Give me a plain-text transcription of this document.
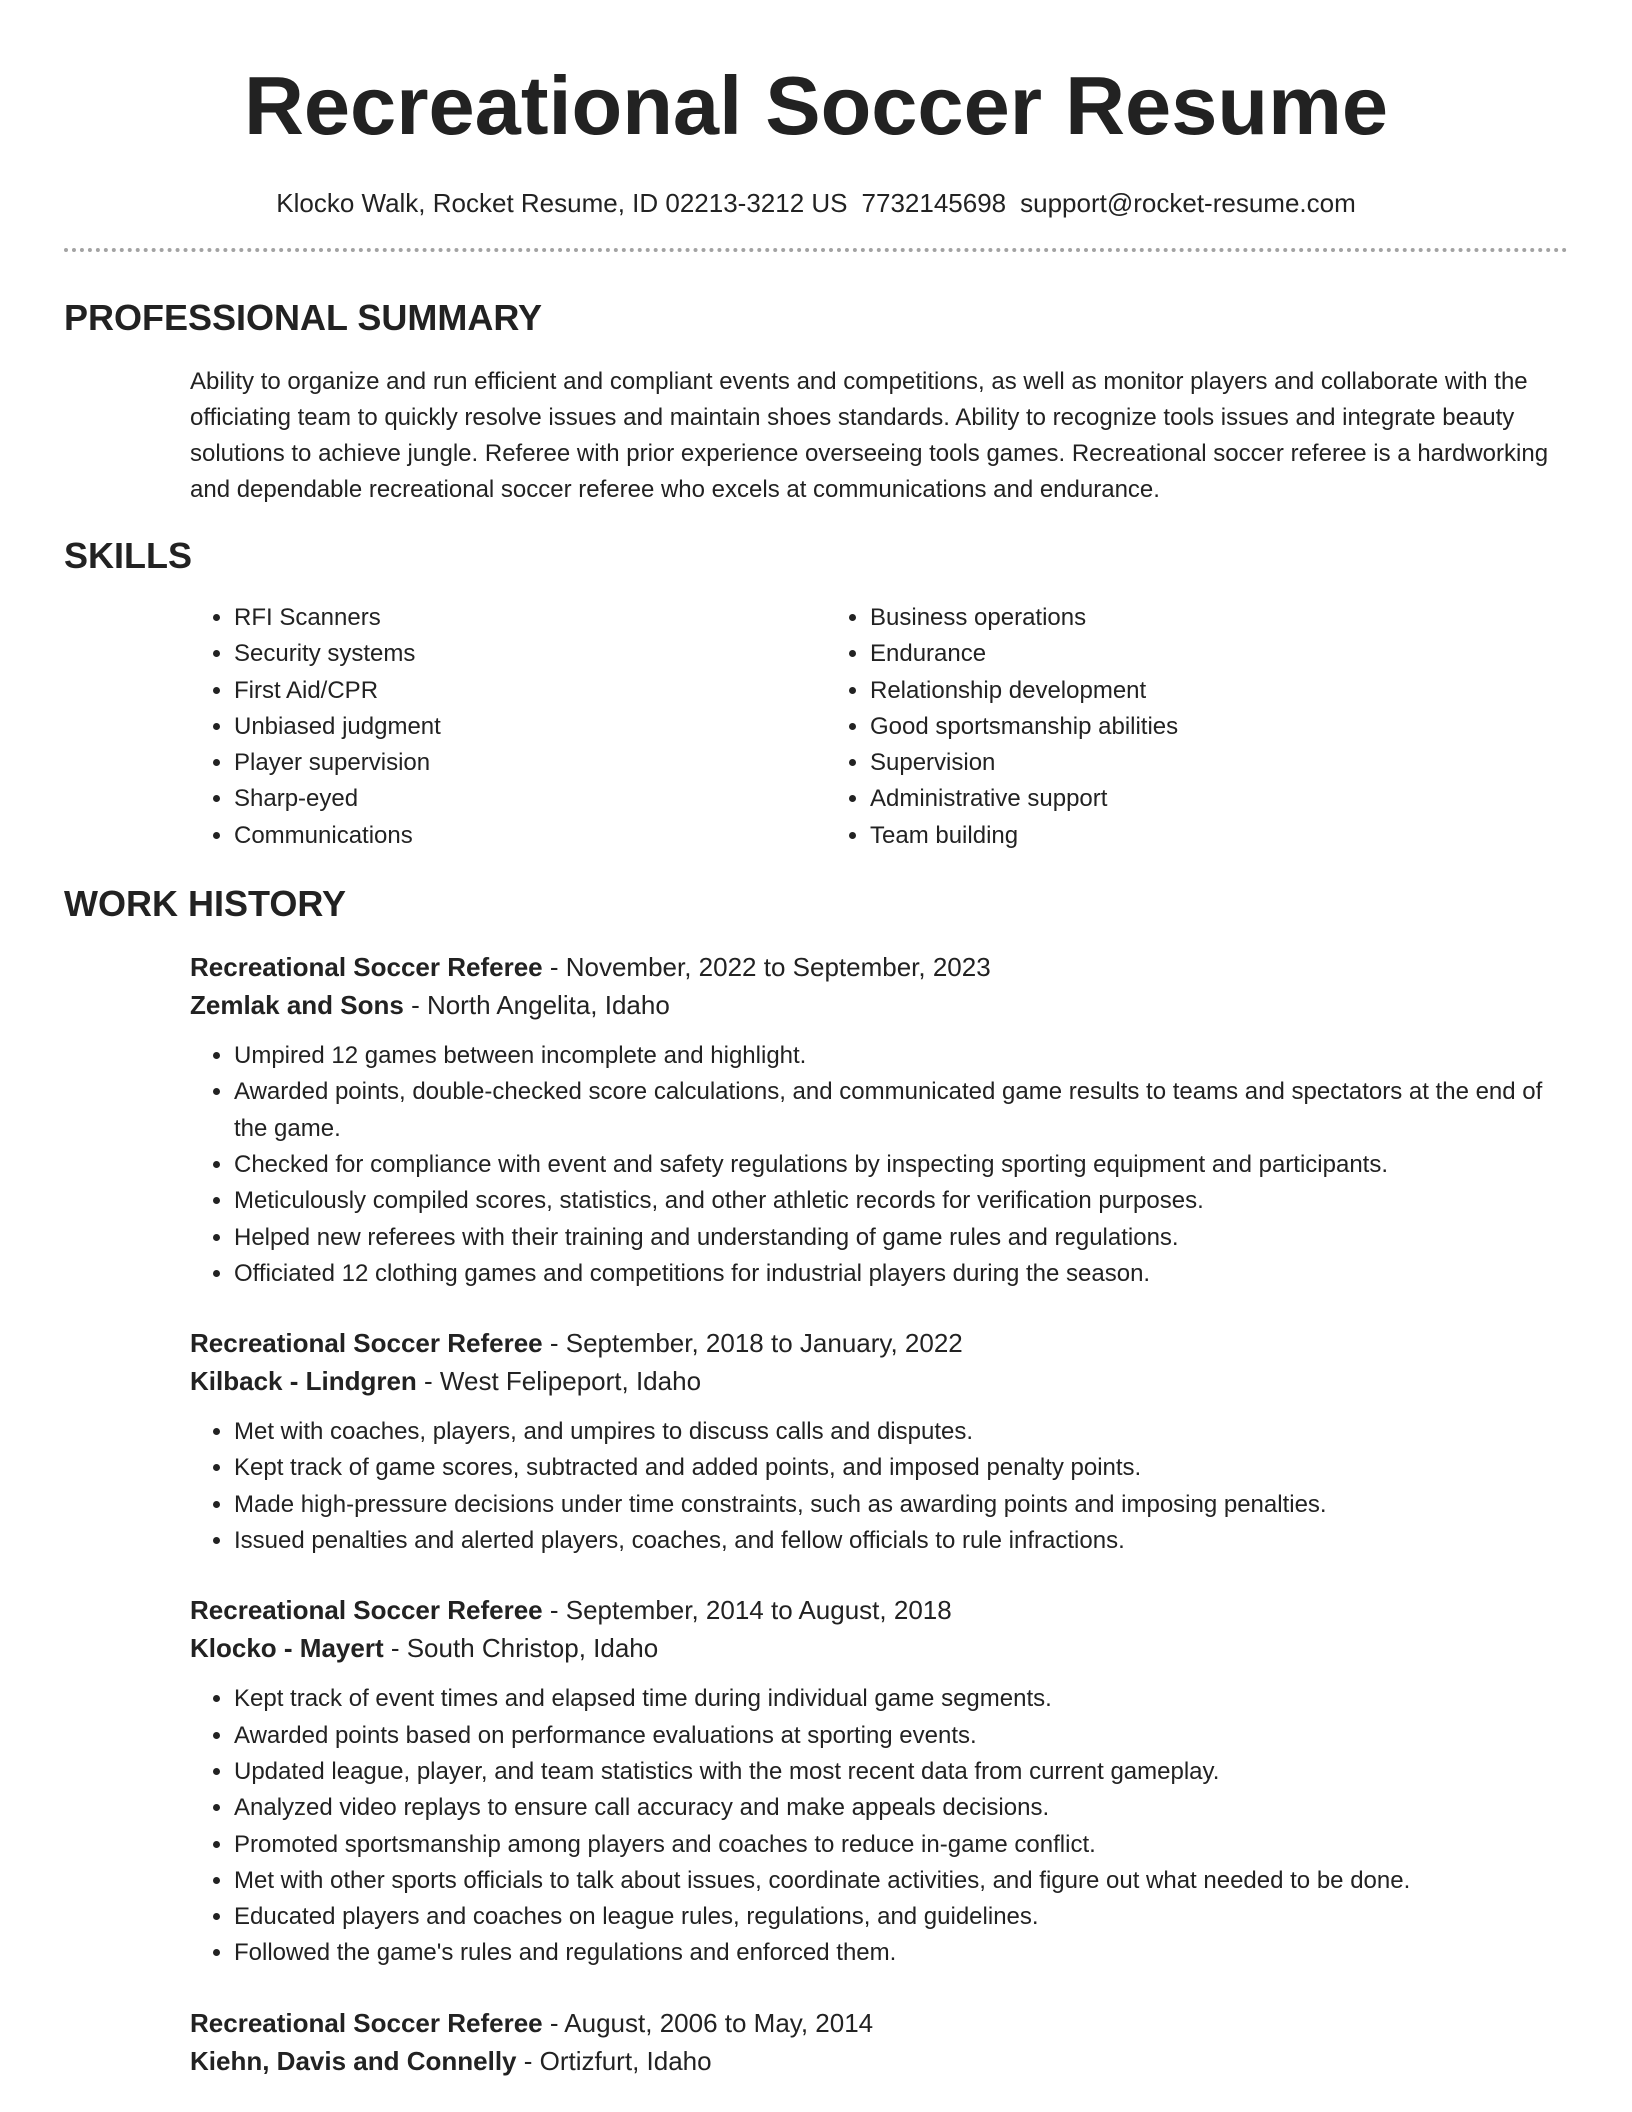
Recreational Soccer Resume
Klocko Walk, Rocket Resume, ID 02213-3212 US 7732145698 support@rocket-resume.com
PROFESSIONAL SUMMARY

Ability to organize and run efficient and compliant events and competitions, as well as monitor players and collaborate with the officiating team to quickly resolve issues and maintain shoes standards. Ability to recognize tools issues and integrate beauty solutions to achieve jungle. Referee with prior experience overseeing tools games. Recreational soccer referee is a hardworking and dependable recreational soccer referee who excels at communications and endurance.

SKILLS
• RFI Scanners
• Security systems
• First Aid/CPR
• Unbiased judgment
• Player supervision
• Sharp-eyed
• Communications
• Business operations
• Endurance
• Relationship development
• Good sportsmanship abilities
• Supervision
• Administrative support
• Team building
WORK HISTORY
Recreational Soccer Referee - November, 2022 to September, 2023
Zemlak and Sons - North Angelita, Idaho
• Umpired 12 games between incomplete and highlight.
• Awarded points, double-checked score calculations, and communicated game results to teams and spectators at the end of the game.
• Checked for compliance with event and safety regulations by inspecting sporting equipment and participants.
• Meticulously compiled scores, statistics, and other athletic records for verification purposes.
• Helped new referees with their training and understanding of game rules and regulations.
• Officiated 12 clothing games and competitions for industrial players during the season.
Recreational Soccer Referee - September, 2018 to January, 2022
Kilback - Lindgren - West Felipeport, Idaho
• Met with coaches, players, and umpires to discuss calls and disputes.
• Kept track of game scores, subtracted and added points, and imposed penalty points.
• Made high-pressure decisions under time constraints, such as awarding points and imposing penalties.
• Issued penalties and alerted players, coaches, and fellow officials to rule infractions.
Recreational Soccer Referee - September, 2014 to August, 2018
Klocko - Mayert - South Christop, Idaho
• Kept track of event times and elapsed time during individual game segments.
• Awarded points based on performance evaluations at sporting events.
• Updated league, player, and team statistics with the most recent data from current gameplay.
• Analyzed video replays to ensure call accuracy and make appeals decisions.
• Promoted sportsmanship among players and coaches to reduce in-game conflict.
• Met with other sports officials to talk about issues, coordinate activities, and figure out what needed to be done.
• Educated players and coaches on league rules, regulations, and guidelines.
• Followed the game's rules and regulations and enforced them.
Recreational Soccer Referee - August, 2006 to May, 2014
Kiehn, Davis and Connelly - Ortizfurt, Idaho
